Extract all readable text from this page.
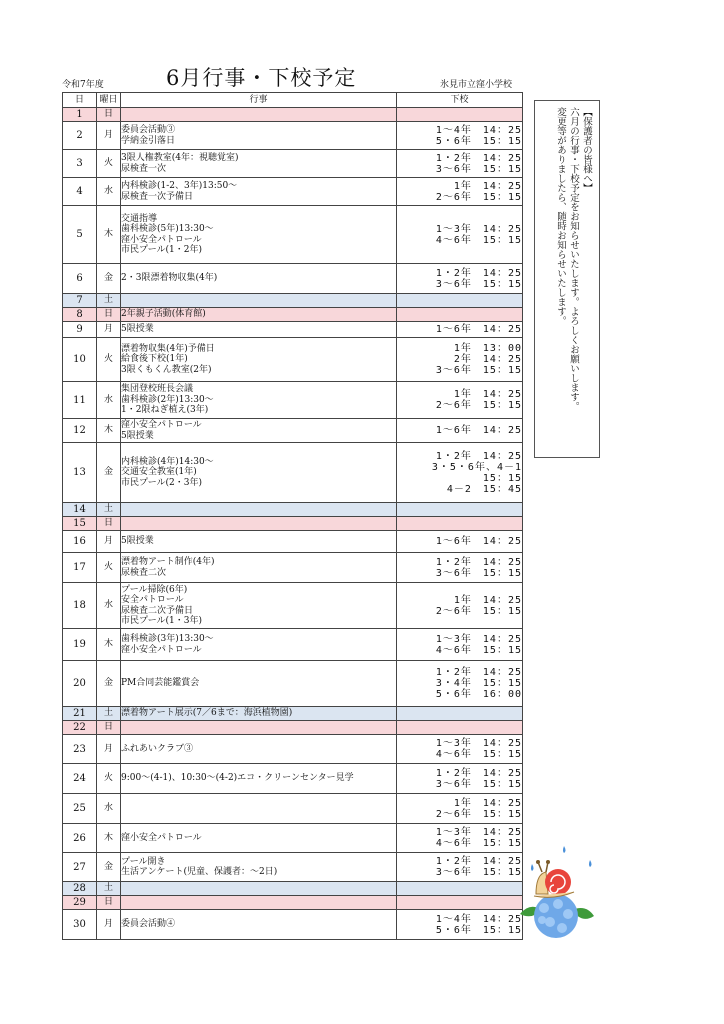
令和7年度	6月行事・下校予定	氷見市立窪小学校
日	曜日	行事	下校
1	日		
2	月	委員会活動③
学納金引落日	1～4年　14：25
5・6年　15：15
3	火	3限人権教室(4年：視聴覚室)
尿検査一次	1・2年　14：25
3～6年　15：15
4	水	内科検診(1-2、3年)13:50～
尿検査一次予備日	1年　14：25
2～6年　15：15
5	木	交通指導
歯科検診(5年)13:30～
窪小安全パトロール
市民プール(1・2年)	1～3年　14：25
4～6年　15：15
6	金	2・3限漂着物収集(4年)	1・2年　14：25
3～6年　15：15
7	土		
8	日	2年親子活動(体育館)	
9	月	5限授業	1～6年　14：25
10	火	漂着物収集(4年)予備日
給食後下校(1年)
3限くもくん教室(2年)	1年　13：00
2年　14：25
3～6年　15：15
11	水	集団登校班長会議
歯科検診(2年)13:30～
1・2限ねぎ植え(3年)	1年　14：25
2～6年　15：15
12	木	窪小安全パトロール
5限授業	1～6年　14：25
13	金	内科検診(4年)14:30～
交通安全教室(1年)
市民プール(2・3年)	1・2年　14：25
3・5・6年、4－1
15：15
4－2　15：45
14	土		
15	日		
16	月	5限授業	1～6年　14：25
17	火	漂着物アート制作(4年)
尿検査二次	1・2年　14：25
3～6年　15：15
18	水	プール掃除(6年)
安全パトロール
尿検査二次予備日
市民プール(1・3年)	1年　14：25
2～6年　15：15
19	木	歯科検診(3年)13:30～
窪小安全パトロール	1～3年　14：25
4～6年　15：15
20	金	PM合同芸能鑑賞会	1・2年　14：25
3・4年　15：15
5・6年　16：00
21	土	漂着物アート展示(7／6まで：海浜植物園)	
22	日		
23	月	ふれあいクラブ③	1～3年　14：25
4～6年　15：15
24	火	9:00～(4-1)、10:30～(4-2)エコ・クリーンセンター見学	1・2年　14：25
3～6年　15：15
25	水		1年　14：25
2～6年　15：15
26	木	窪小安全パトロール	1～3年　14：25
4～6年　15：15
27	金	プール開き
生活アンケート(児童、保護者：～2日)	1・2年　14：25
3～6年　15：15
28	土		
29	日		
30	月	委員会活動④	1～4年　14：25
5・6年　15：15
【保護者の皆様へ】
六月の行事・下校予定をお知らせいたします。よろしくお願いします。
変更等がありましたら、随時お知らせいたします。
